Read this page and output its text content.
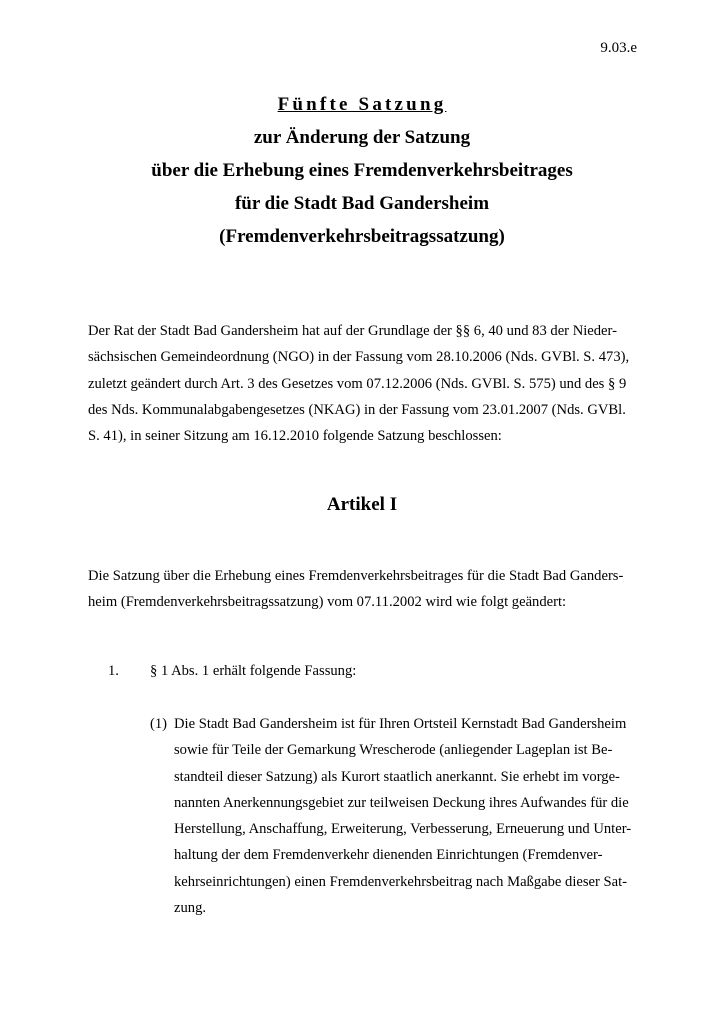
9.03.e
Fünfte Satzung
zur Änderung der Satzung
über die Erhebung eines Fremdenverkehrsbeitrages
für die Stadt Bad Gandersheim
(Fremdenverkehrsbeitragssatzung)
Der Rat der Stadt Bad Gandersheim hat auf der Grundlage der §§ 6, 40 und 83 der Nieder-
sächsischen Gemeindeordnung (NGO) in der Fassung vom 28.10.2006 (Nds. GVBl. S. 473),
zuletzt geändert durch Art. 3 des Gesetzes vom 07.12.2006 (Nds. GVBl. S. 575) und des § 9
des Nds. Kommunalabgabengesetzes (NKAG) in der Fassung vom 23.01.2007 (Nds. GVBl.
S. 41), in seiner Sitzung am 16.12.2010 folgende Satzung beschlossen:
Artikel I
Die Satzung über die Erhebung eines Fremdenverkehrsbeitrages für die Stadt Bad Ganders-
heim (Fremdenverkehrsbeitragssatzung) vom 07.11.2002 wird wie folgt geändert:
1. § 1 Abs. 1 erhält folgende Fassung:
(1) Die Stadt Bad Gandersheim ist für Ihren Ortsteil Kernstadt Bad Gandersheim
sowie für Teile der Gemarkung Wrescherode (anliegender Lageplan ist Be-
standteil dieser Satzung) als Kurort staatlich anerkannt. Sie erhebt im vorge-
nannten Anerkennungsgebiet zur teilweisen Deckung ihres Aufwandes für die
Herstellung, Anschaffung, Erweiterung, Verbesserung, Erneuerung und Unter-
haltung der dem Fremdenverkehr dienenden Einrichtungen (Fremdenver-
kehrseinrichtungen) einen Fremdenverkehrsbeitrag nach Maßgabe dieser Sat-
zung.
